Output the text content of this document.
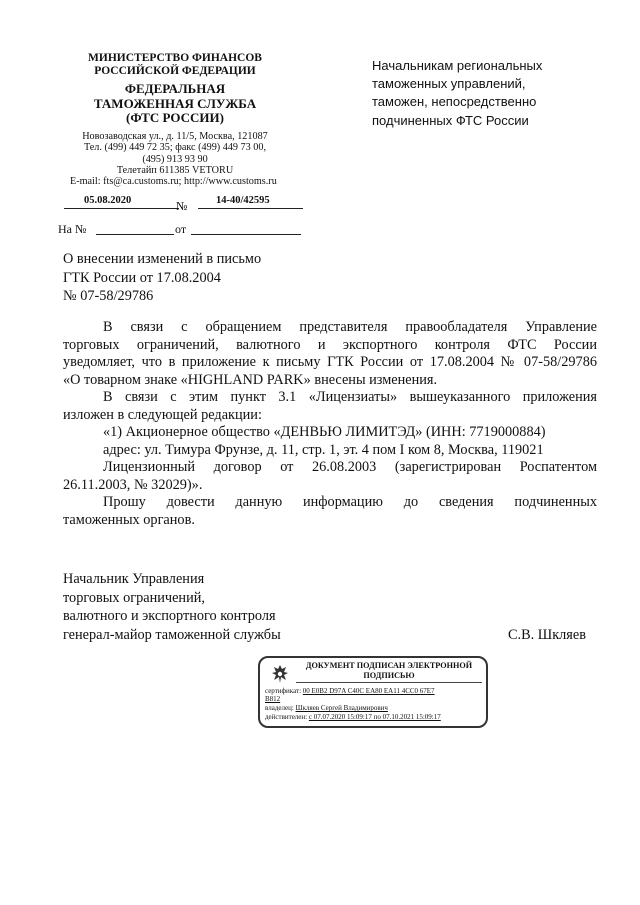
МИНИСТЕРСТВО ФИНАНСОВ
РОССИЙСКОЙ ФЕДЕРАЦИИ
ФЕДЕРАЛЬНАЯ
ТАМОЖЕННАЯ СЛУЖБА
(ФТС РОССИИ)
Новозаводская ул., д. 11/5, Москва, 121087
Тел. (499) 449 72 35; факс (499) 449 73 00,
(495) 913 93 90
Телетайп 611385 VETORU
E-mail: fts@ca.customs.ru; http://www.customs.ru
05.08.2020	№	14-40/42595
На №	от
Начальникам региональных
таможенных управлений,
таможен, непосредственно
подчиненных ФТС России
О внесении изменений в письмо
ГТК России от 17.08.2004
№ 07-58/29786

В связи с обращением представителя правообладателя Управление

торговых ограничений, валютного и экспортного контроля ФТС России

уведомляет, что в приложение к письму ГТК России от 17.08.2004 № 07-58/29786

«О товарном знаке «HIGHLAND PARK» внесены изменения.

В связи с этим пункт 3.1 «Лицензиаты» вышеуказанного приложения

изложен в следующей редакции:

«1) Акционерное общество «ДЕНВЬЮ ЛИМИТЭД» (ИНН: 7719000884)

адрес: ул. Тимура Фрунзе, д. 11, стр. 1, эт. 4 пом I ком 8, Москва, 119021

Лицензионный договор от 26.08.2003 (зарегистрирован Роспатентом

26.11.2003, № 32029)».

Прошу довести данную информацию до сведения подчиненных

таможенных органов.

Начальник Управления
торговых ограничений,
валютного и экспортного контроля
генерал-майор таможенной службы	С.В. Шкляев
ДОКУМЕНТ ПОДПИСАН ЭЛЕКТРОННОЙ
ПОДПИСЬЮ
сертификат: 00 E0B2 D97A C40C EA80 EA11 4CC0 67E7
B812
владелец: Шкляев Сергей Владимирович
действителен: с 07.07.2020 15:09:17 по 07.10.2021 15:09:17
